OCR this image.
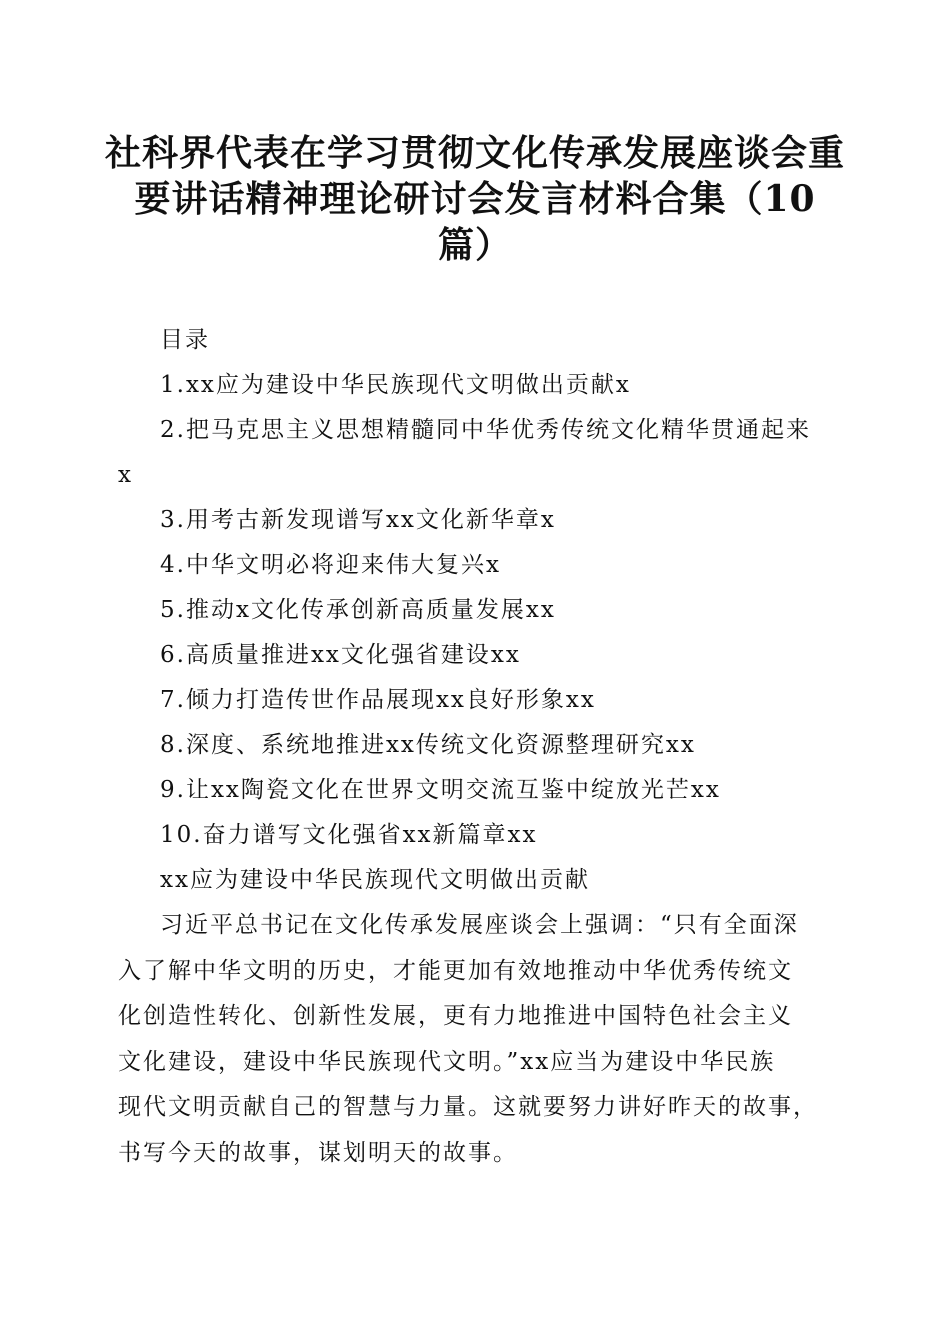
社科界代表在学习贯彻文化传承发展座谈会重
要讲话精神理论研讨会发言材料合集（10
篇）
目录
1.xx应为建设中华民族现代文明做出贡献x
2.把马克思主义思想精髓同中华优秀传统文化精华贯通起来
x
3.用考古新发现谱写xx文化新华章x
4.中华文明必将迎来伟大复兴x
5.推动x文化传承创新高质量发展xx
6.高质量推进xx文化强省建设xx
7.倾力打造传世作品展现xx良好形象xx
8.深度、系统地推进xx传统文化资源整理研究xx
9.让xx陶瓷文化在世界文明交流互鉴中绽放光芒xx
10.奋力谱写文化强省xx新篇章xx
xx应为建设中华民族现代文明做出贡献
习近平总书记在文化传承发展座谈会上强调：“只有全面深
入了解中华文明的历史，才能更加有效地推动中华优秀传统文
化创造性转化、创新性发展，更有力地推进中国特色社会主义
文化建设，建设中华民族现代文明。”xx应当为建设中华民族
现代文明贡献自己的智慧与力量。这就要努力讲好昨天的故事，
书写今天的故事，谋划明天的故事。
